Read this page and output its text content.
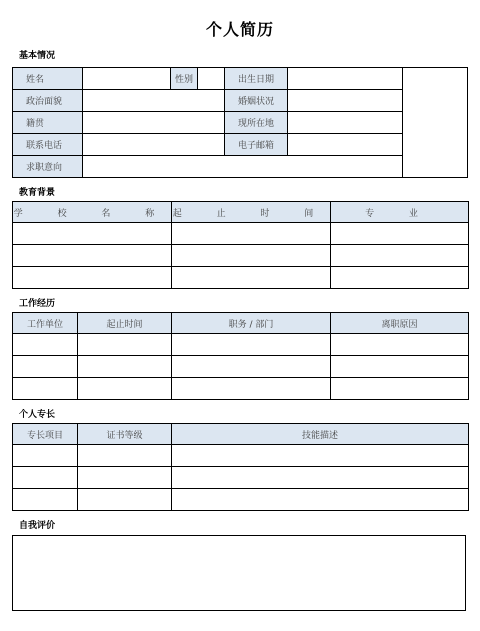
个人简历
基本情况
姓名		性别		出生日期		
政治面貌				婚姻状况		
籍贯				现所在地		
联系电话				电子邮箱		
求职意向						
教育背景
学 校 名 称	起 止 时 间	专 业

工作经历
工作单位	起止时间	职务 / 部门	离职原因

个人专长
专长项目	证书等级	技能描述

自我评价
